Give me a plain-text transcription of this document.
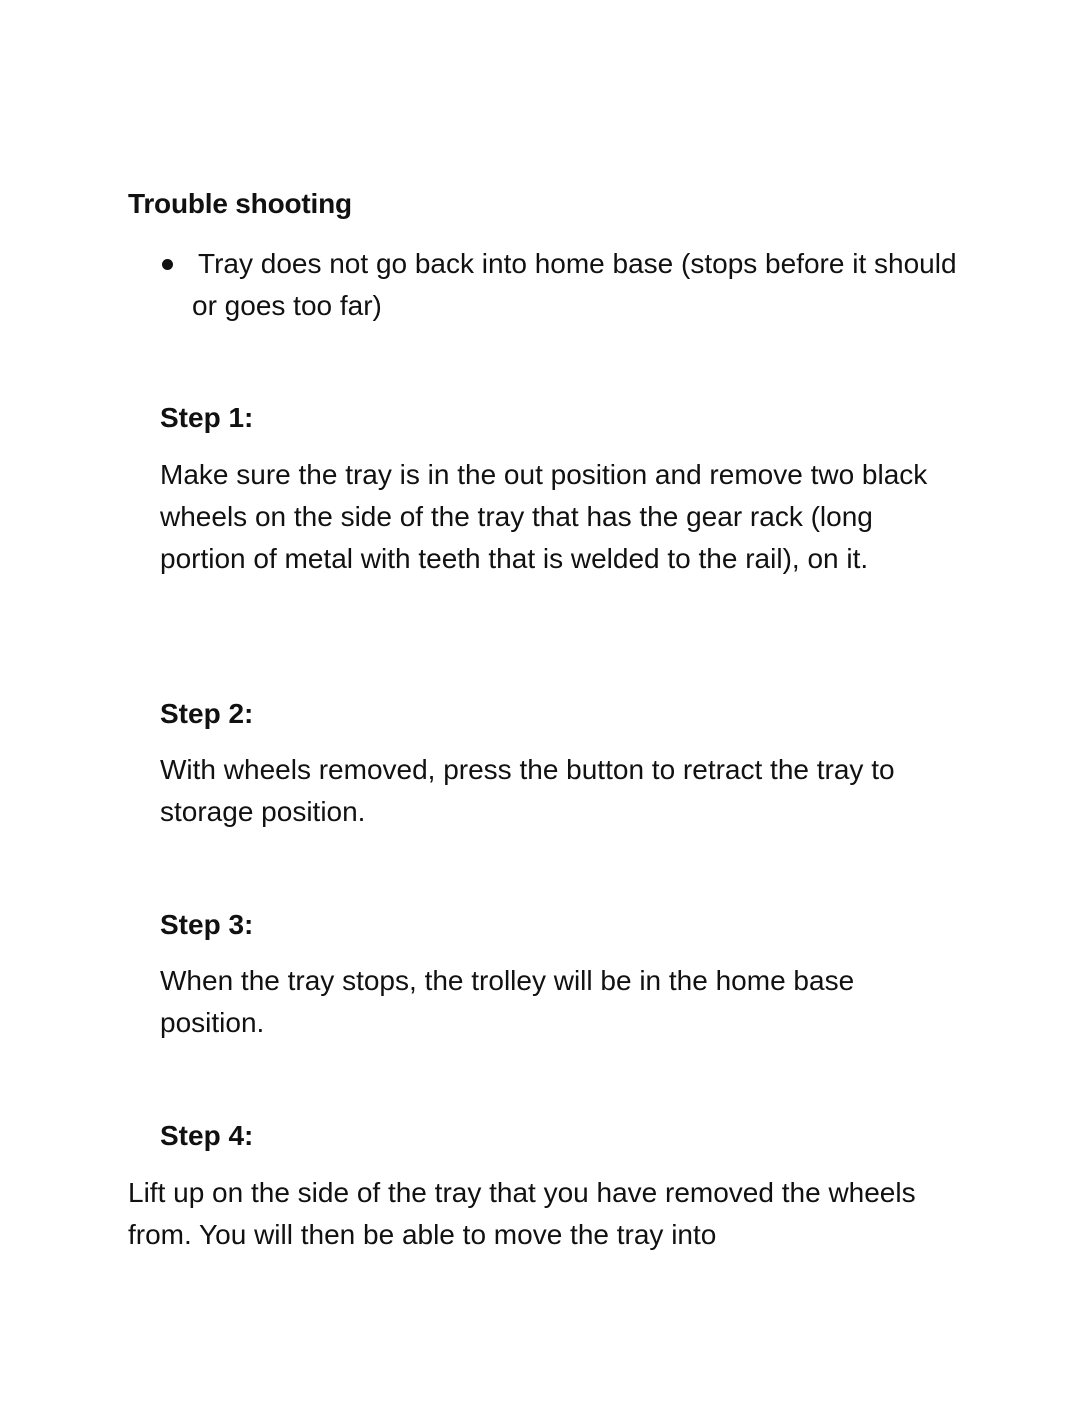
Trouble shooting

Tray does not go back into home base (stops before it should or goes too far)

Step 1:

Make sure the tray is in the out position and remove two black wheels on the side of the tray that has the gear rack (long portion of metal with teeth that is welded to the rail), on it.

Step 2:

With wheels removed, press the button to retract the tray to storage position.

Step 3:

When the tray stops, the trolley will be in the home base position.

Step 4:

Lift up on the side of the tray that you have removed the wheels from. You will then be able to move the tray into
